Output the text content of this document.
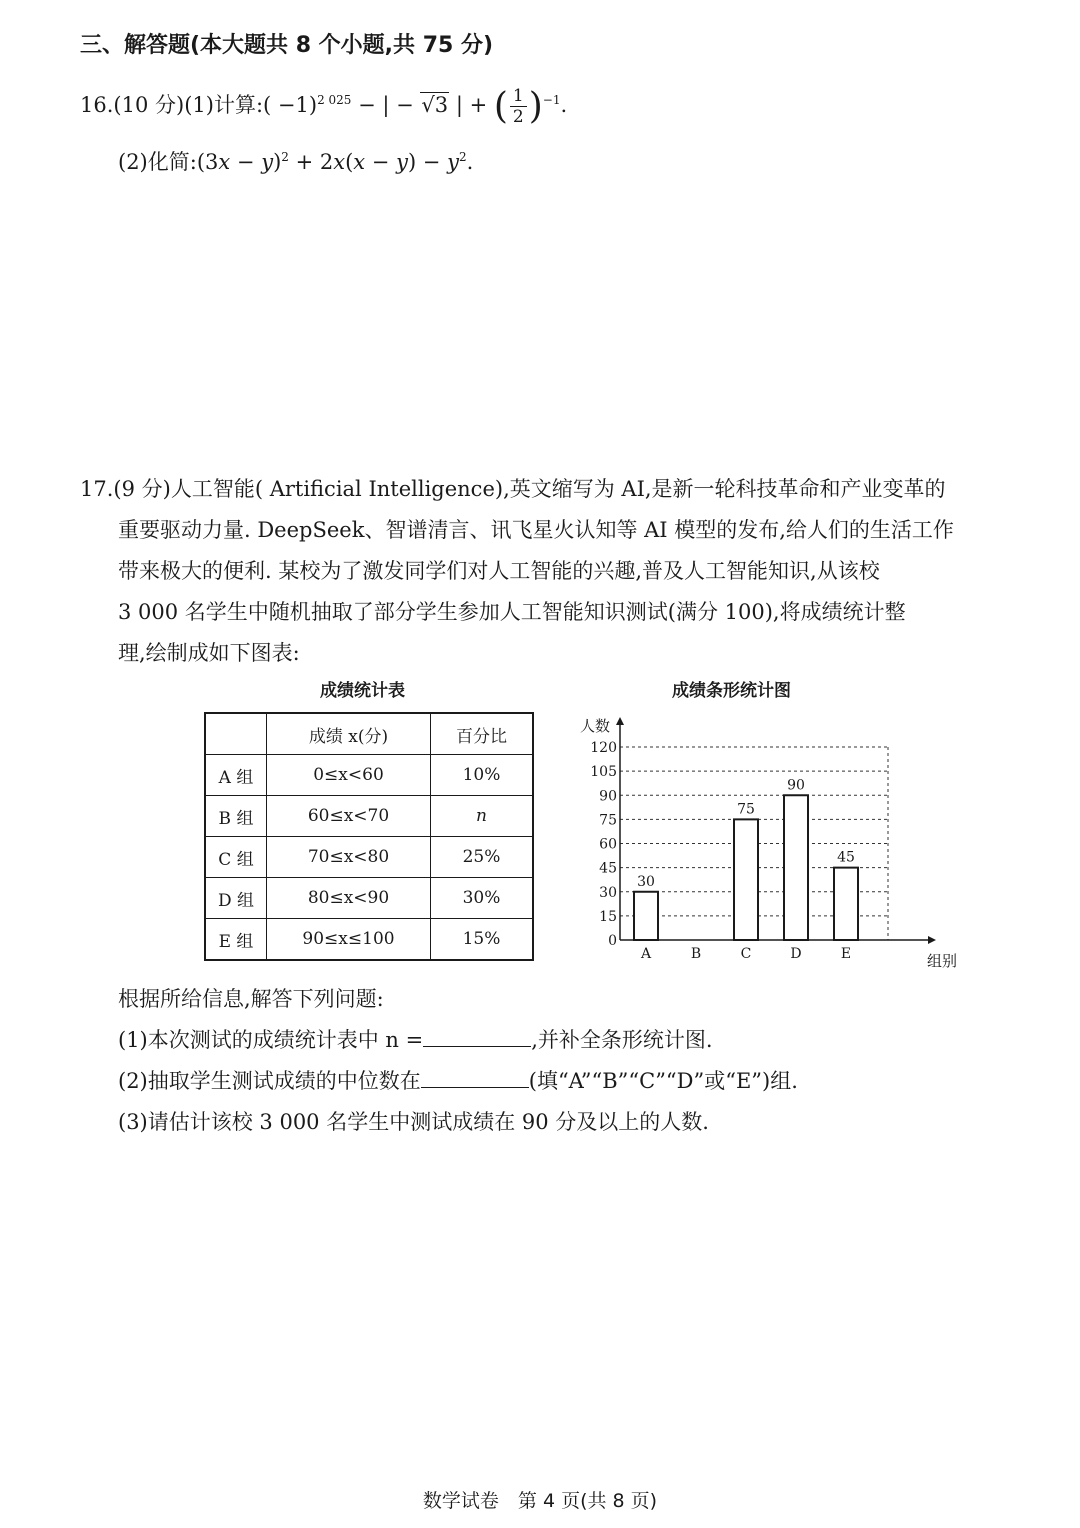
三、解答题(本大题共 8 个小题,共 75 分)
16.(10 分)(1)计算:( −1)$^{2 025}$ − | − √3 | + ( $\frac{1}{2} )^{-1}$.
(2)化简:(3x − $y)^2 + 2x(x - y) - y^2$.
17.(9 分)人工智能( Artificial Intelligence),英文缩写为 AI,是新一轮科技革命和产业变革的
重要驱动力量. DeepSeek、智谱清言、讯飞星火认知等 AI 模型的发布,给人们的生活工作
带来极大的便利. 某校为了激发同学们对人工智能的兴趣,普及人工智能知识,从该校
3 000 名学生中随机抽取了部分学生参加人工智能知识测试(满分 100),将成绩统计整
理,绘制成如下图表:
成绩统计表
	成绩 x(分)	百分比
A 组	0≤x<60	10%
B 组	60≤x<70	n
C 组	70≤x<80	25%
D 组	80≤x<90	30%
E 组	90≤x≤100	15%
成绩条形统计图
0
15
30
45
60
75
90
105
120
人数
组别
A
30
B	C
75
D
90
E
45
根据所给信息,解答下列问题:
(1)本次测试的成绩统计表中 n =	,并补全条形统计图.
(2)抽取学生测试成绩的中位数在	(填“A”“B”“C”“D”或“E”)组.
(3)请估计该校 3 000 名学生中测试成绩在 90 分及以上的人数.
数学试卷　第 4 页(共 8 页)
